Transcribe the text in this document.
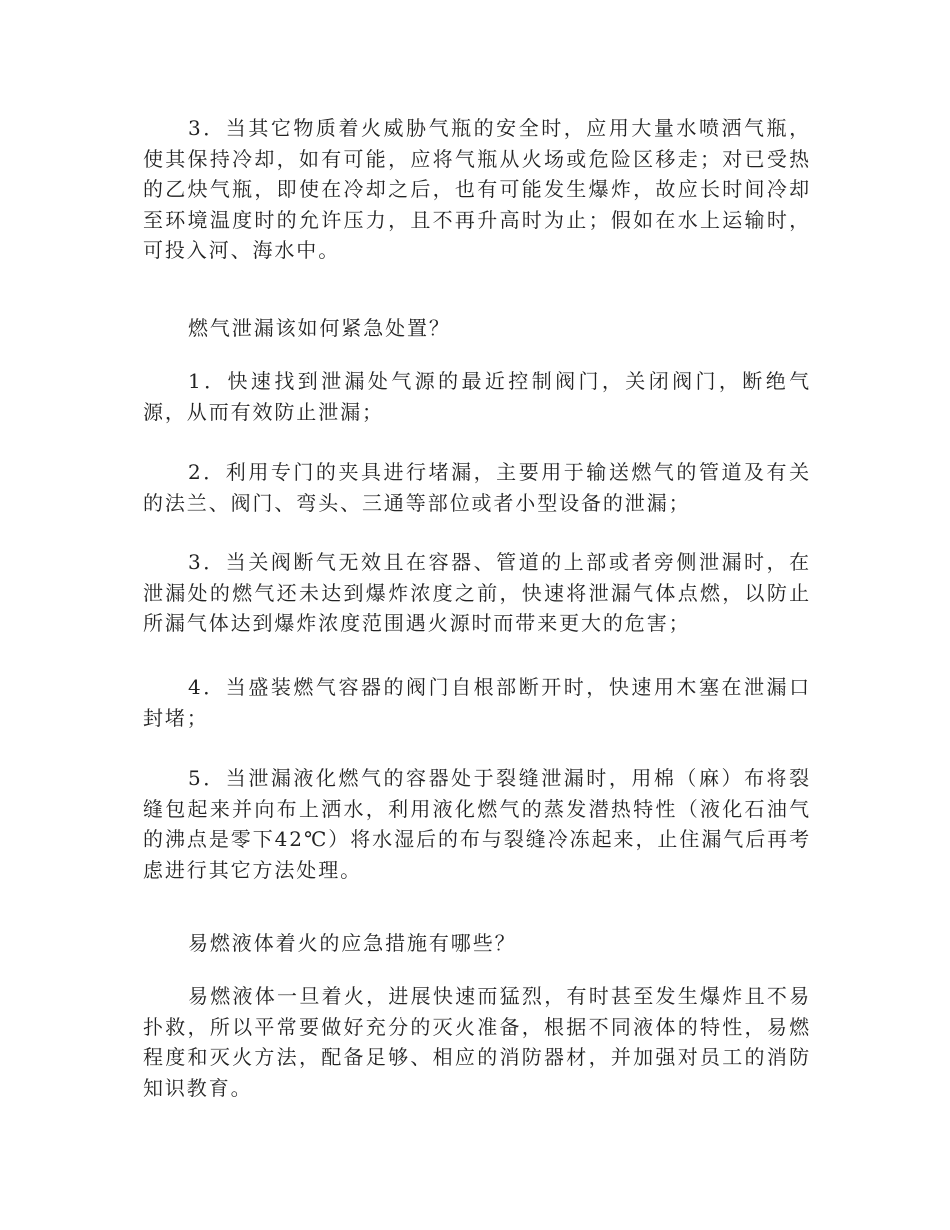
3．当其它物质着火威胁气瓶的安全时，应用大量水喷洒气瓶，使其保持冷却，如有可能，应将气瓶从火场或危险区移走；对已受热的乙炔气瓶，即使在冷却之后，也有可能发生爆炸，故应长时间冷却至环境温度时的允许压力，且不再升高时为止；假如在水上运输时，可投入河、海水中。

燃气泄漏该如何紧急处置？

1．快速找到泄漏处气源的最近控制阀门，关闭阀门，断绝气源，从而有效防止泄漏；

2．利用专门的夹具进行堵漏，主要用于输送燃气的管道及有关的法兰、阀门、弯头、三通等部位或者小型设备的泄漏；

3．当关阀断气无效且在容器、管道的上部或者旁侧泄漏时，在泄漏处的燃气还未达到爆炸浓度之前，快速将泄漏气体点燃，以防止所漏气体达到爆炸浓度范围遇火源时而带来更大的危害；

4．当盛装燃气容器的阀门自根部断开时，快速用木塞在泄漏口封堵；

5．当泄漏液化燃气的容器处于裂缝泄漏时，用棉（麻）布将裂缝包起来并向布上洒水，利用液化燃气的蒸发潜热特性（液化石油气的沸点是零下42℃）将水湿后的布与裂缝冷冻起来，止住漏气后再考虑进行其它方法处理。

易燃液体着火的应急措施有哪些？

易燃液体一旦着火，进展快速而猛烈，有时甚至发生爆炸且不易扑救，所以平常要做好充分的灭火准备，根据不同液体的特性，易燃程度和灭火方法，配备足够、相应的消防器材，并加强对员工的消防知识教育。
